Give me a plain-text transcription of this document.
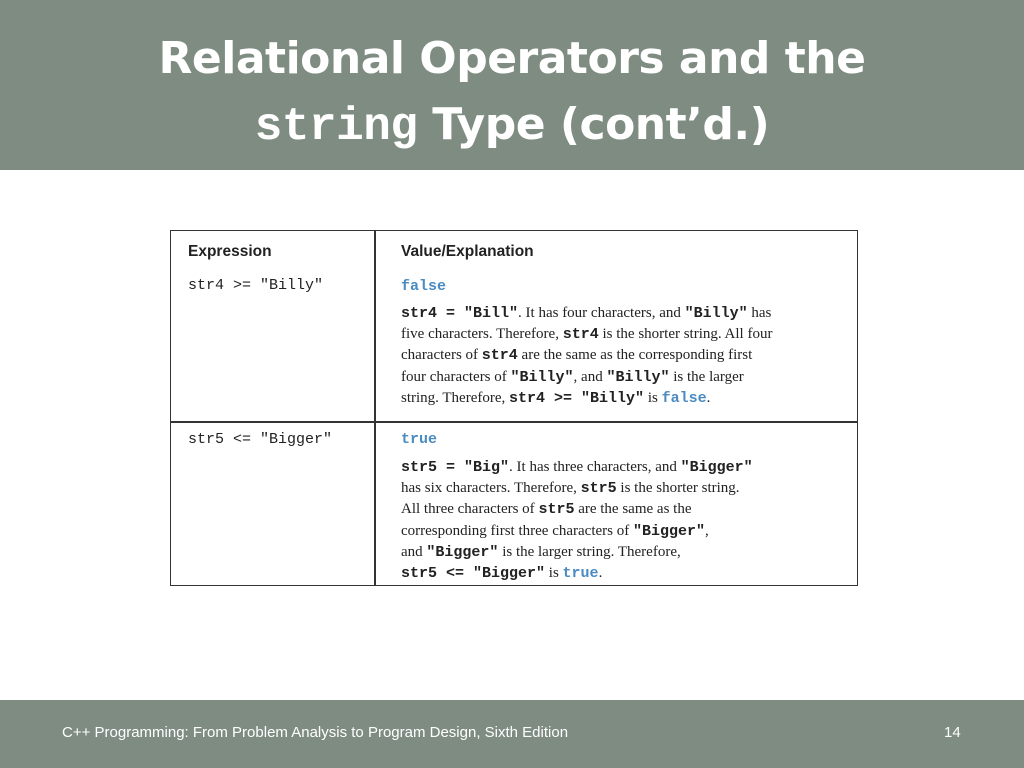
Relational Operators and the
string Type (cont’d.)
Expression	Value/Explanation
str4 >= "Billy"	false
str4 = "Bill". It has four characters, and "Billy" has
five characters. Therefore, str4 is the shorter string. All four
characters of str4 are the same as the corresponding first
four characters of "Billy", and "Billy" is the larger
string. Therefore, str4 >= "Billy" is false.
str5 <= "Bigger"	true
str5 = "Big". It has three characters, and "Bigger"
has six characters. Therefore, str5 is the shorter string.
All three characters of str5 are the same as the
corresponding first three characters of "Bigger",
and "Bigger" is the larger string. Therefore,
str5 <= "Bigger" is true.
C++ Programming: From Problem Analysis to Program Design, Sixth Edition	14
